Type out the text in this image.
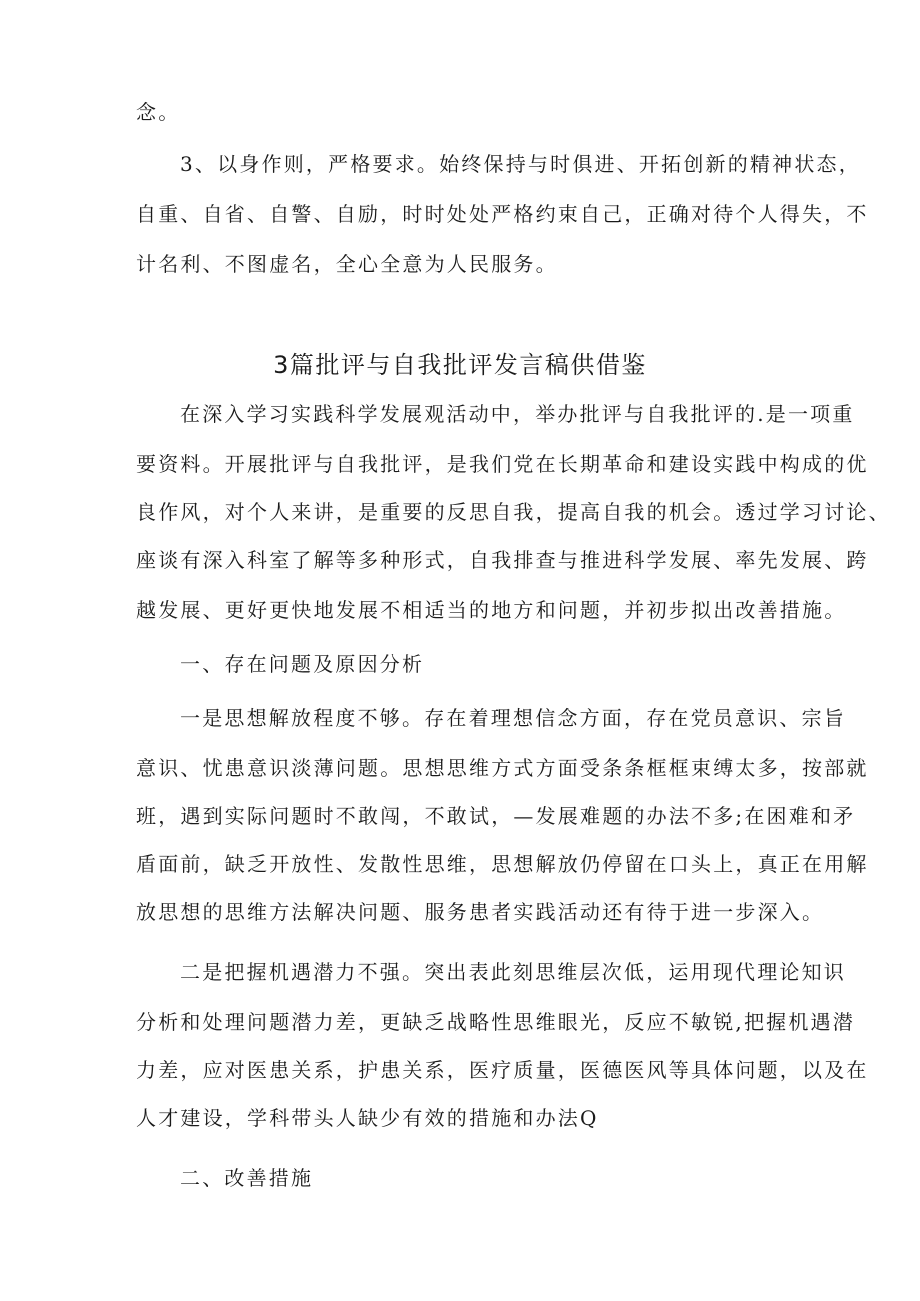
念。
3、以身作则，严格要求。始终保持与时俱进、开拓创新的精神状态，
自重、自省、自警、自励，时时处处严格约束自己，正确对待个人得失，不
计名利、不图虚名，全心全意为人民服务。
3篇批评与自我批评发言稿供借鉴
在深入学习实践科学发展观活动中，举办批评与自我批评的.是一项重
要资料。开展批评与自我批评，是我们党在长期革命和建设实践中构成的优
良作风，对个人来讲，是重要的反思自我，提高自我的机会。透过学习讨论、
座谈有深入科室了解等多种形式，自我排查与推进科学发展、率先发展、跨
越发展、更好更快地发展不相适当的地方和问题，并初步拟出改善措施。
一、存在问题及原因分析
一是思想解放程度不够。存在着理想信念方面，存在党员意识、宗旨
意识、忧患意识淡薄问题。思想思维方式方面受条条框框束缚太多，按部就
班，遇到实际问题时不敢闯，不敢试，—发展难题的办法不多;在困难和矛
盾面前，缺乏开放性、发散性思维，思想解放仍停留在口头上，真正在用解
放思想的思维方法解决问题、服务患者实践活动还有待于进一步深入。
二是把握机遇潜力不强。突出表此刻思维层次低，运用现代理论知识
分析和处理问题潜力差，更缺乏战略性思维眼光，反应不敏锐,把握机遇潜
力差，应对医患关系，护患关系，医疗质量，医德医风等具体问题，以及在
人才建设，学科带头人缺少有效的措施和办法Q
二、改善措施
